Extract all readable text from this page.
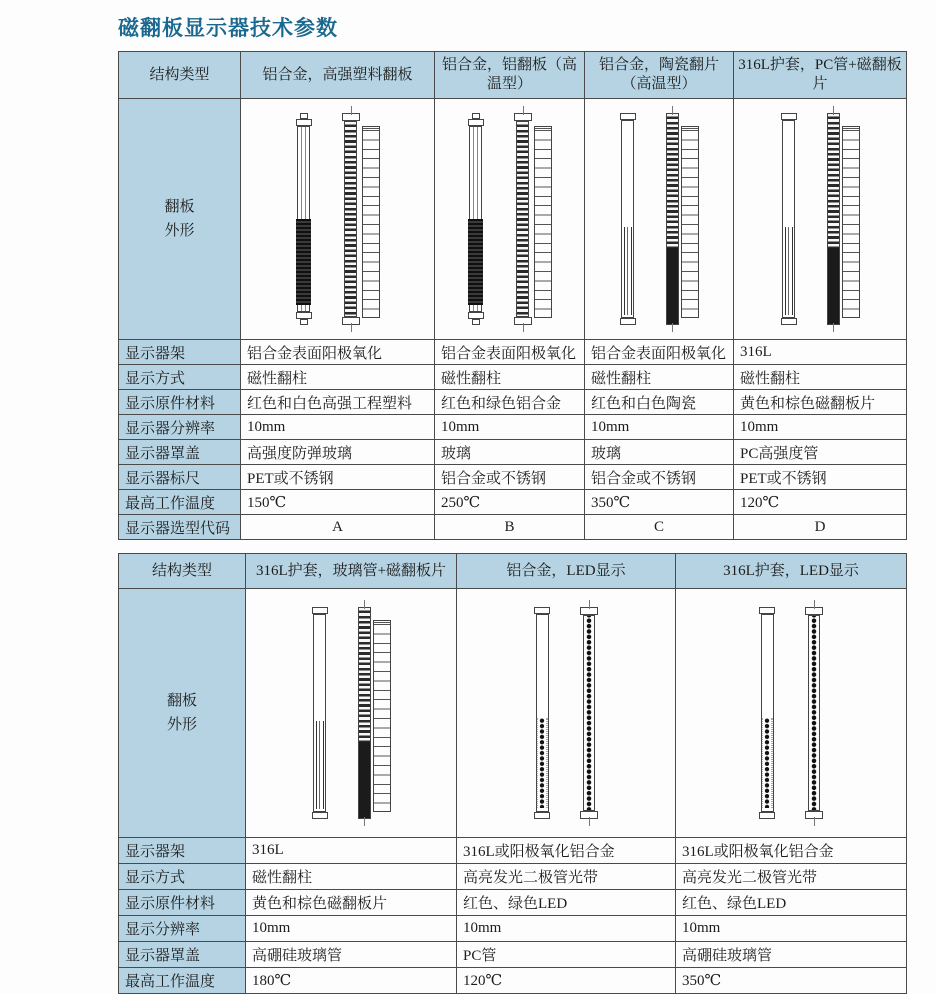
磁翻板显示器技术参数
结构类型	铝合金，高强塑料翻板	铝合金，铝翻板（高温型）	铝合金，陶瓷翻片（高温型）	316L护套，PC管+磁翻板片

翻板外形				

显示器架	铝合金表面阳极氧化	铝合金表面阳极氧化	铝合金表面阳极氧化	316L
显示方式	磁性翻柱	磁性翻柱	磁性翻柱	磁性翻柱
显示原件材料	红色和白色高强工程塑料	红色和绿色铝合金	红色和白色陶瓷	黄色和棕色磁翻板片
显示器分辨率	10mm	10mm	10mm	10mm
显示器罩盖	高强度防弹玻璃	玻璃	玻璃	PC高强度管
显示器标尺	PET或不锈钢	铝合金或不锈钢	铝合金或不锈钢	PET或不锈钢
最高工作温度	150℃	250℃	350℃	120℃
显示器选型代码	A	B	C	D
结构类型	316L护套，玻璃管+磁翻板片	铝合金，LED显示	316L护套，LED显示

翻板外形			

显示器架	316L	316L或阳极氧化铝合金	316L或阳极氧化铝合金
显示方式	磁性翻柱	高亮发光二极管光带	高亮发光二极管光带
显示原件材料	黄色和棕色磁翻板片	红色、绿色LED	红色、绿色LED
显示分辨率	10mm	10mm	10mm
显示器罩盖	高硼硅玻璃管	PC管	高硼硅玻璃管
最高工作温度	180℃	120℃	350℃
